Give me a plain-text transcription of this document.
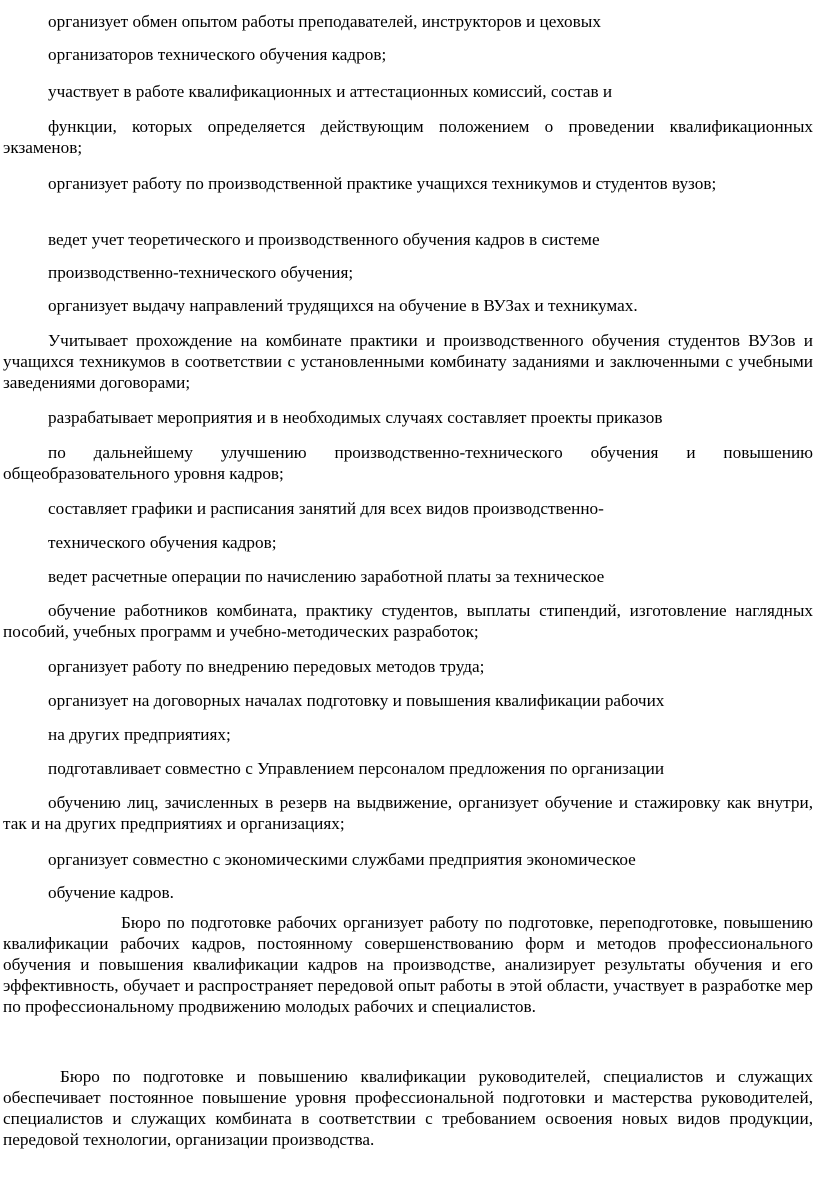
организует обмен опытом работы преподавателей, инструкторов и цеховых

организаторов технического обучения кадров;

участвует в работе квалификационных и аттестационных комиссий, состав и

функции, которых определяется действующим положением о проведении квалификационных экзаменов;

организует работу по производственной практике учащихся техникумов и студентов вузов;

ведет учет теоретического и производственного обучения кадров в системе

производственно-технического обучения;

организует выдачу направлений трудящихся на обучение в ВУЗах и техникумах.

Учитывает прохождение на комбинате практики и производственного обучения студентов ВУЗов и учащихся техникумов в соответствии с установленными комбинату заданиями и заключенными с учебными заведениями договорами;

разрабатывает мероприятия и в необходимых случаях составляет проекты приказов

по дальнейшему улучшению производственно-технического обучения и повышению общеобразовательного уровня кадров;

составляет графики и расписания занятий для всех видов производственно-

технического обучения кадров;

ведет расчетные операции по начислению заработной платы за техническое

обучение работников комбината, практику студентов, выплаты стипендий, изготовление наглядных пособий, учебных программ и учебно-методических разработок;

организует работу по внедрению передовых методов труда;

организует на договорных началах подготовку и повышения квалификации рабочих

на других предприятиях;

подготавливает совместно с Управлением персоналом предложения по организации

обучению лиц, зачисленных в резерв на выдвижение, организует обучение и стажировку как внутри, так и на других предприятиях и организациях;

организует совместно с экономическими службами предприятия экономическое

обучение кадров.

Бюро по подготовке рабочих организует работу по подготовке, переподготовке, повышению квалификации рабочих кадров, постоянному совершенствованию форм и методов профессионального обучения и повышения квалификации кадров на производстве, анализирует результаты обучения и его эффективность, обучает и распространяет передовой опыт работы в этой области, участвует в разработке мер по профессиональному продвижению молодых рабочих и специалистов.

Бюро по подготовке и повышению квалификации руководителей, специалистов и служащих обеспечивает постоянное повышение уровня профессиональной подготовки и мастерства руководителей, специалистов и служащих комбината в соответствии с требованием освоения новых видов продукции, передовой технологии, организации производства.
